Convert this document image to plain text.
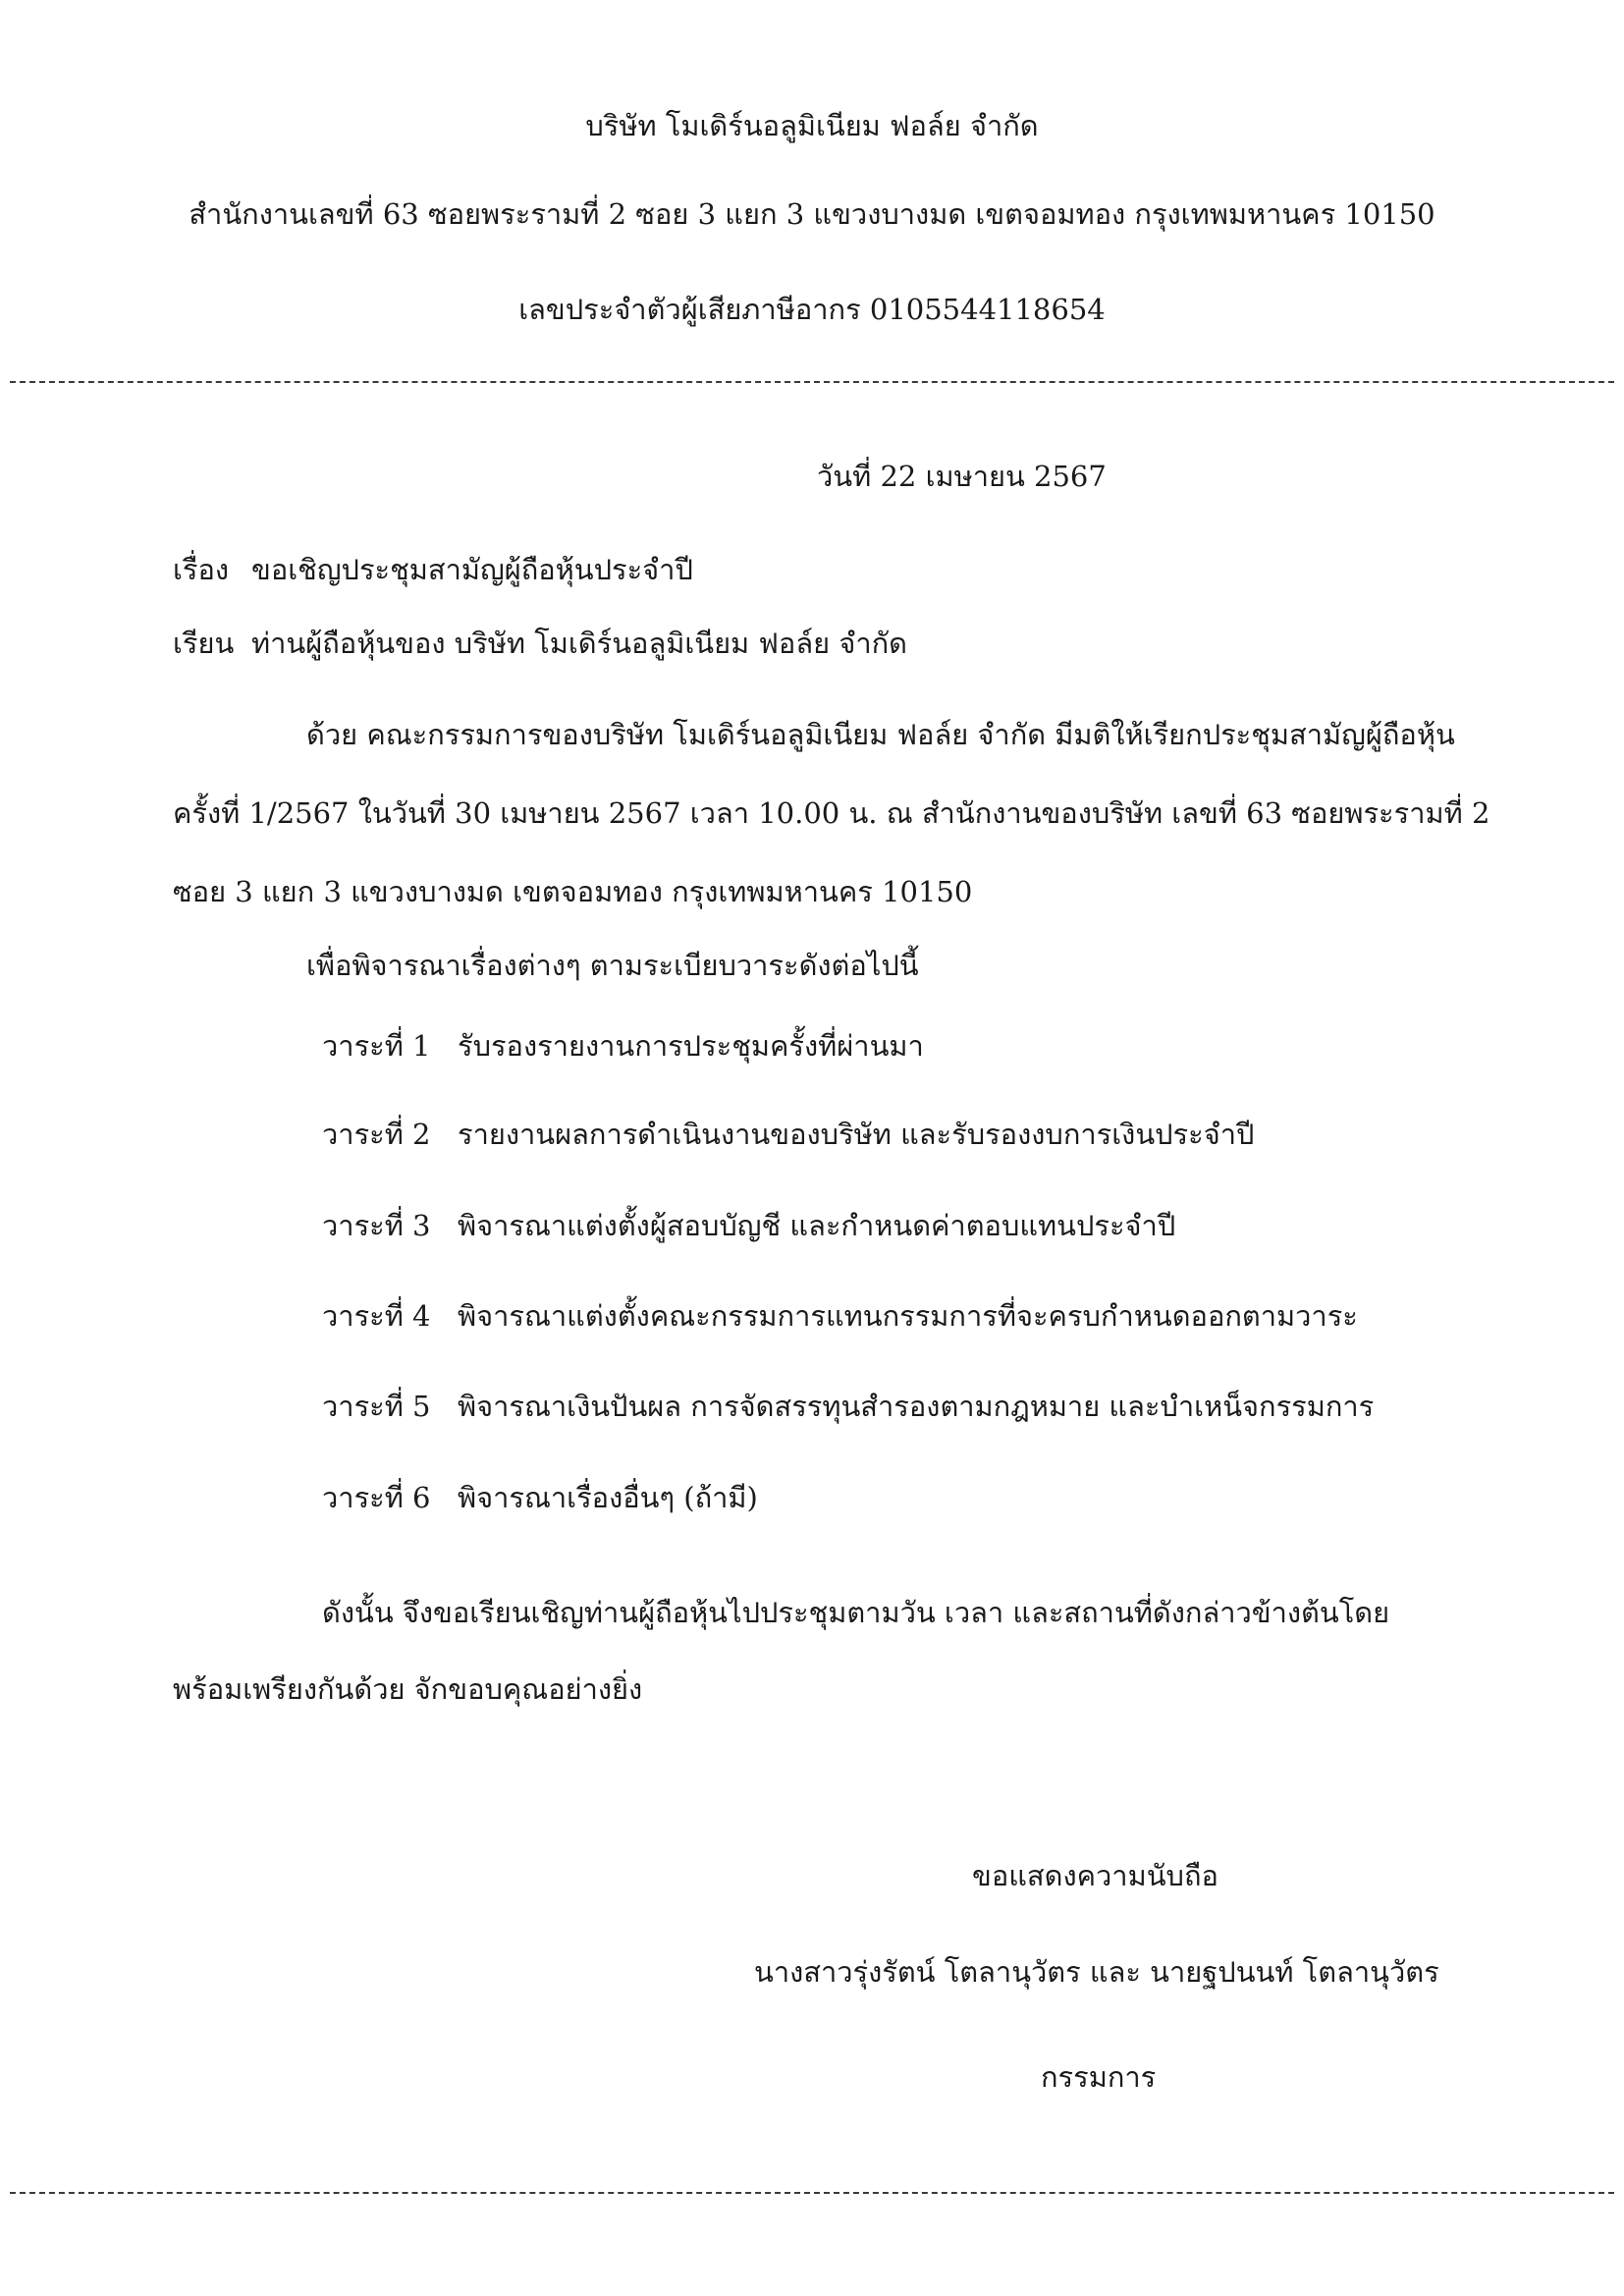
บริษัท โมเดิร์นอลูมิเนียม ฟอล์ย จำกัด
สำนักงานเลขที่ 63 ซอยพระรามที่ 2 ซอย 3 แยก 3 แขวงบางมด เขตจอมทอง กรุงเทพมหานคร 10150
เลขประจำตัวผู้เสียภาษีอากร 0105544118654
วันที่ 22 เมษายน 2567
เรื่อง ขอเชิญประชุมสามัญผู้ถือหุ้นประจำปี
เรียน ท่านผู้ถือหุ้นของ บริษัท โมเดิร์นอลูมิเนียม ฟอล์ย จำกัด
ด้วย คณะกรรมการของบริษัท โมเดิร์นอลูมิเนียม ฟอล์ย จำกัด มีมติให้เรียกประชุมสามัญผู้ถือหุ้น
ครั้งที่ 1/2567 ในวันที่ 30 เมษายน 2567 เวลา 10.00 น. ณ สำนักงานของบริษัท เลขที่ 63 ซอยพระรามที่ 2
ซอย 3 แยก 3 แขวงบางมด เขตจอมทอง กรุงเทพมหานคร 10150
เพื่อพิจารณาเรื่องต่างๆ ตามระเบียบวาระดังต่อไปนี้
วาระที่ 1 รับรองรายงานการประชุมครั้งที่ผ่านมา
วาระที่ 2 รายงานผลการดำเนินงานของบริษัท และรับรองงบการเงินประจำปี
วาระที่ 3 พิจารณาแต่งตั้งผู้สอบบัญชี และกำหนดค่าตอบแทนประจำปี
วาระที่ 4 พิจารณาแต่งตั้งคณะกรรมการแทนกรรมการที่จะครบกำหนดออกตามวาระ
วาระที่ 5 พิจารณาเงินปันผล การจัดสรรทุนสำรองตามกฎหมาย และบำเหน็จกรรมการ
วาระที่ 6 พิจารณาเรื่องอื่นๆ (ถ้ามี)
ดังนั้น จึงขอเรียนเชิญท่านผู้ถือหุ้นไปประชุมตามวัน เวลา และสถานที่ดังกล่าวข้างต้นโดย
พร้อมเพรียงกันด้วย จักขอบคุณอย่างยิ่ง
ขอแสดงความนับถือ
นางสาวรุ่งรัตน์ โตลานุวัตร และ นายฐปนนท์ โตลานุวัตร
กรรมการ
